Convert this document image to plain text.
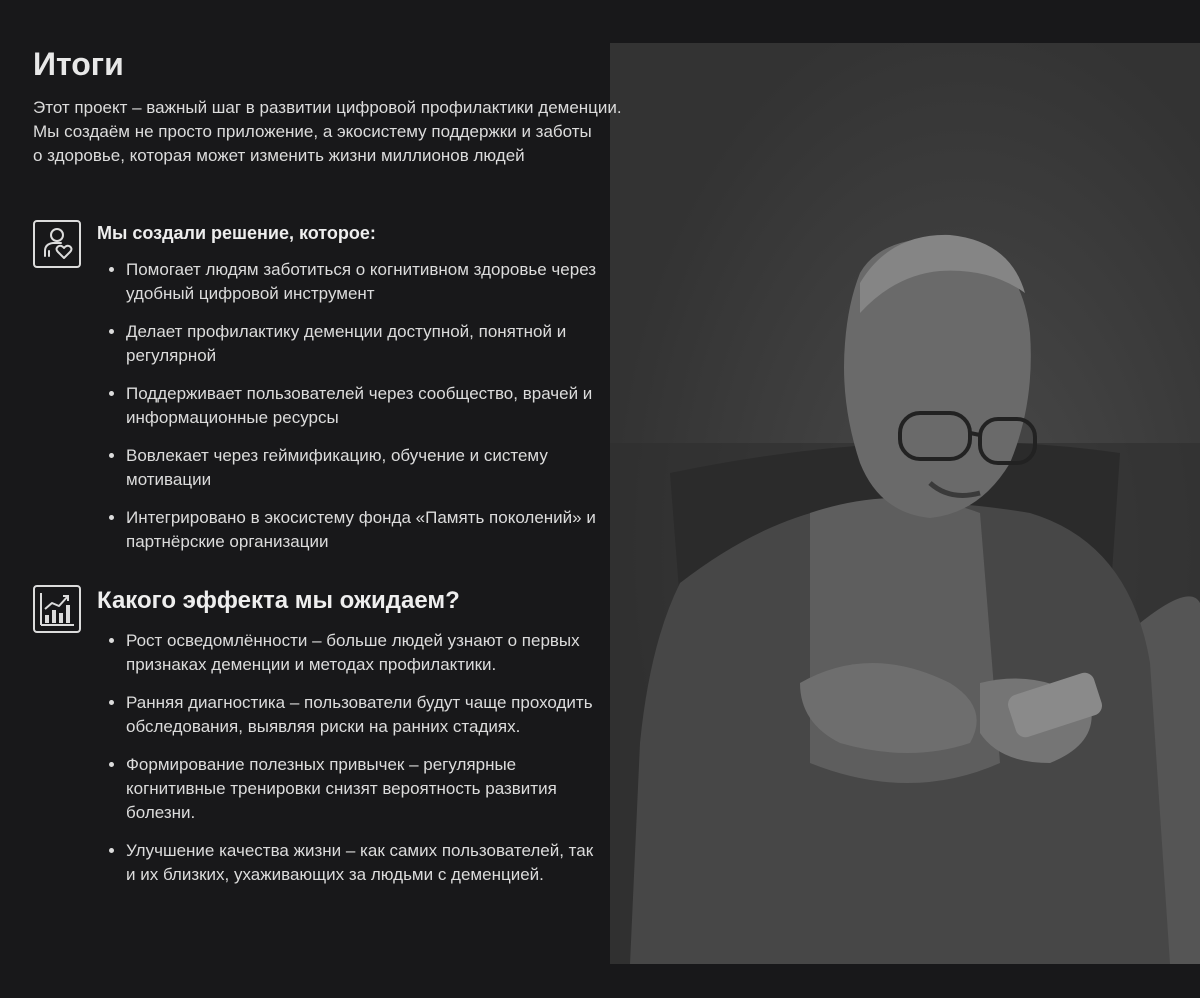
Итоги
Этот проект – важный шаг в развитии цифровой профилактики деменции.
Мы создаём не просто приложение, а экосистему поддержки и заботы
о здоровье, которая может изменить жизни миллионов людей
Мы создали решение, которое:
• Помогает людям заботиться о когнитивном здоровье через удобный цифровой инструмент
• Делает профилактику деменции доступной, понятной и регулярной
• Поддерживает пользователей через сообщество, врачей и информационные ресурсы
• Вовлекает через геймификацию, обучение и систему мотивации
• Интегрировано в экосистему фонда «Память поколений» и партнёрские организации
Какого эффекта мы ожидаем?
• Рост осведомлённости – больше людей узнают о первых признаках деменции и методах профилактики.
• Ранняя диагностика – пользователи будут чаще проходить обследования, выявляя риски на ранних стадиях.
• Формирование полезных привычек – регулярные когнитивные тренировки снизят вероятность развития болезни.
• Улучшение качества жизни – как самих пользователей, так и их близких, ухаживающих за людьми с деменцией.
